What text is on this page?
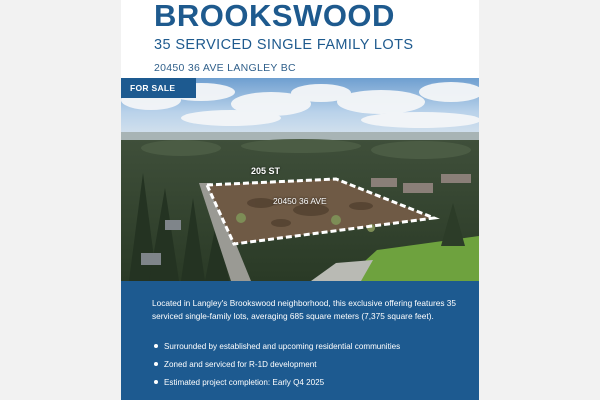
BROOKSWOOD
35 SERVICED SINGLE FAMILY LOTS
20450 36 AVE LANGLEY BC
FOR SALE
205 ST
20450 36 AVE

Located in Langley's Brookswood neighborhood, this exclusive offering features 35 serviced single-family lots, averaging 685 square meters (7,375 square feet).

Surrounded by established and upcoming residential communities
Zoned and serviced for R-1D development
Estimated project completion: Early Q4 2025
